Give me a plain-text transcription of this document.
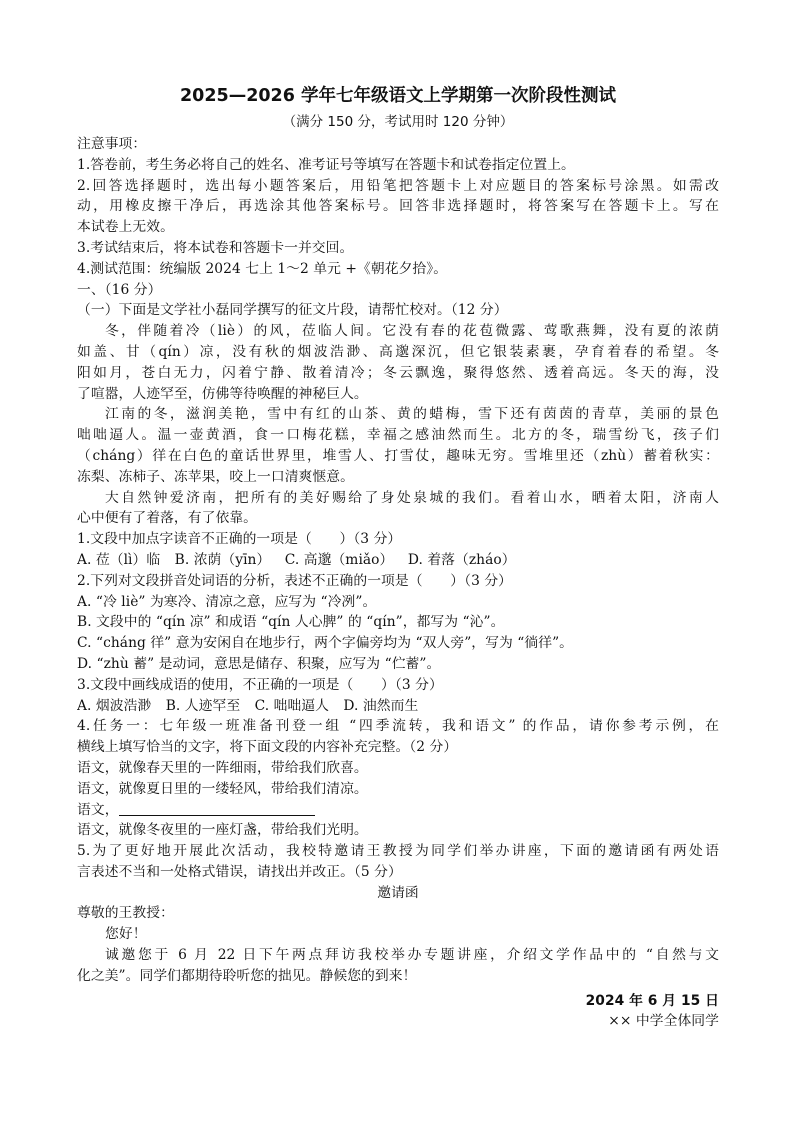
2025—2026 学年七年级语文上学期第一次阶段性测试
（满分 150 分，考试用时 120 分钟）
注意事项：
1.答卷前，考生务必将自己的姓名、准考证号等填写在答题卡和试卷指定位置上。
2.回答选择题时，选出每小题答案后，用铅笔把答题卡上对应题目的答案标号涂黑。如需改
动，用橡皮擦干净后，再选涂其他答案标号。回答非选择题时，将答案写在答题卡上。写在
本试卷上无效。
3.考试结束后，将本试卷和答题卡一并交回。
4.测试范围：统编版 2024 七上 1～2 单元 +《朝花夕拾》。
一、（16 分）
（一）下面是文学社小磊同学撰写的征文片段，请帮忙校对。（12 分）
冬，伴随着冷（liè）的风，莅临人间。它没有春的花苞微露、莺歌燕舞，没有夏的浓荫
如盖、甘（qín）凉，没有秋的烟波浩渺、高邈深沉，但它银装素裹，孕育着春的希望。冬
阳如月，苍白无力，闪着宁静、散着清冷；冬云飘逸，聚得悠然、透着高远。冬天的海，没
了喧嚣，人迹罕至，仿佛等待唤醒的神秘巨人。
江南的冬，滋润美艳，雪中有红的山茶、黄的蜡梅，雪下还有茵茵的青草，美丽的景色
咄咄逼人。温一壶黄酒，食一口梅花糕，幸福之感油然而生。北方的冬，瑞雪纷飞，孩子们
（cháng）徉在白色的童话世界里，堆雪人、打雪仗，趣味无穷。雪堆里还（zhù）蓄着秋实：
冻梨、冻柿子、冻苹果，咬上一口清爽惬意。
大自然钟爱济南，把所有的美好赐给了身处泉城的我们。看着山水，晒着太阳，济南人
心中便有了着落，有了依靠。
1.文段中加点字读音不正确的一项是（　　）（3 分）
A. 莅（lì）临 B. 浓荫（yīn） C. 高邈（miǎo） D. 着落（zháo）
2.下列对文段拼音处词语的分析，表述不正确的一项是（　　）（3 分）
A. “冷 liè” 为寒冷、清凉之意，应写为 “冷冽”。
B. 文段中的 “qín 凉” 和成语 “qín 人心脾” 的 “qín”，都写为 “沁”。
C. “cháng 徉” 意为安闲自在地步行，两个字偏旁均为 “双人旁”，写为 “徜徉”。
D. “zhù 蓄” 是动词，意思是储存、积聚，应写为 “伫蓄”。
3.文段中画线成语的使用，不正确的一项是（　　）（3 分）
A. 烟波浩渺 B. 人迹罕至 C. 咄咄逼人 D. 油然而生
4.任务一：七年级一班准备刊登一组 “四季流转，我和语文” 的作品，请你参考示例，在
横线上填写恰当的文字，将下面文段的内容补充完整。（2 分）
语文，就像春天里的一阵细雨，带给我们欣喜。
语文，就像夏日里的一缕轻风，带给我们清凉。
语文，
语文，就像冬夜里的一座灯盏，带给我们光明。
5.为了更好地开展此次活动，我校特邀请王教授为同学们举办讲座，下面的邀请函有两处语
言表述不当和一处格式错误，请找出并改正。（5 分）
邀请函
尊敬的王教授：
您好！
诚邀您于 6 月 22 日下午两点拜访我校举办专题讲座，介绍文学作品中的 “自然与文
化之美”。同学们都期待聆听您的拙见。静候您的到来！
2024 年 6 月 15 日
×× 中学全体同学
